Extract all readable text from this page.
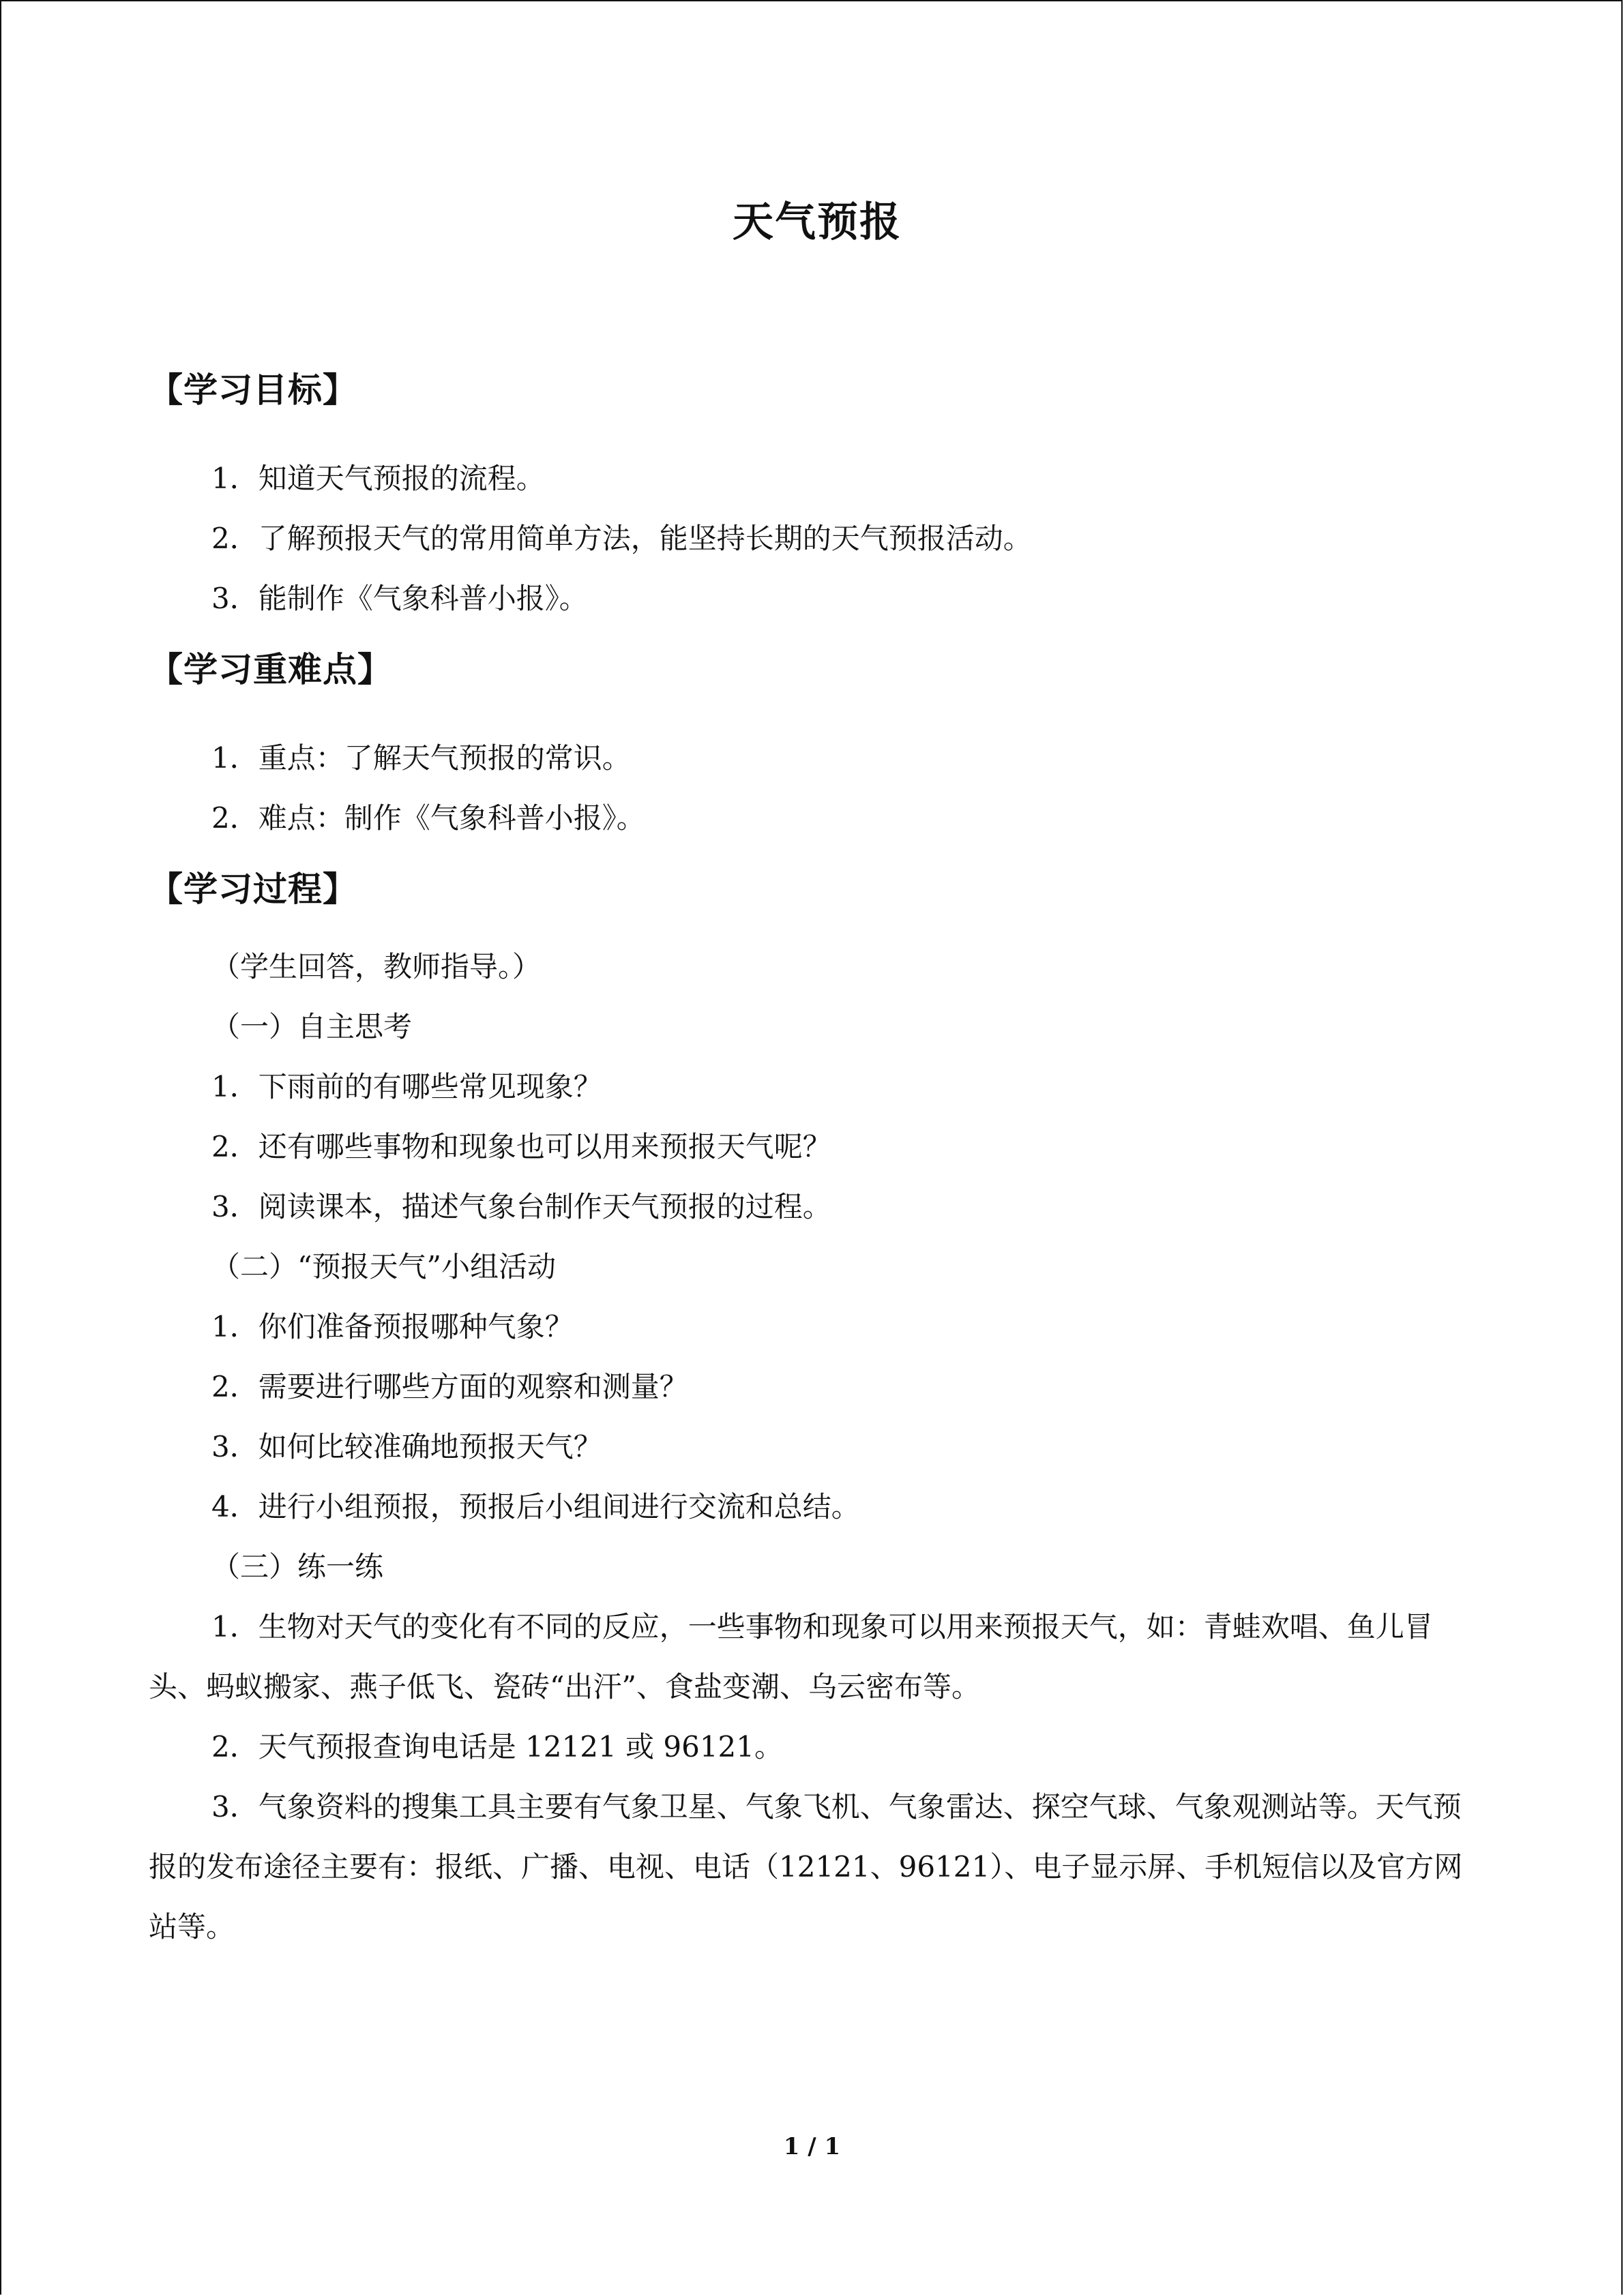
天气预报
【学习目标】
1．知道天气预报的流程。
2．了解预报天气的常用简单方法，能坚持长期的天气预报活动。
3．能制作《气象科普小报》。
【学习重难点】
1．重点：了解天气预报的常识。
2．难点：制作《气象科普小报》。
【学习过程】

（学生回答，教师指导。）

（一）自主思考

1．下雨前的有哪些常见现象？

2．还有哪些事物和现象也可以用来预报天气呢？

3．阅读课本，描述气象台制作天气预报的过程。

（二）“预报天气”小组活动

1．你们准备预报哪种气象？

2．需要进行哪些方面的观察和测量？

3．如何比较准确地预报天气？

4．进行小组预报，预报后小组间进行交流和总结。

（三）练一练

1．生物对天气的变化有不同的反应，一些事物和现象可以用来预报天气，如：青蛙欢唱、鱼儿冒头、蚂蚁搬家、燕子低飞、瓷砖“出汗”、食盐变潮、乌云密布等。

2．天气预报查询电话是 12121 或 96121。

3．气象资料的搜集工具主要有气象卫星、气象飞机、气象雷达、探空气球、气象观测站等。天气预报的发布途径主要有：报纸、广播、电视、电话（12121、96121）、电子显示屏、手机短信以及官方网站等。

1 / 1
